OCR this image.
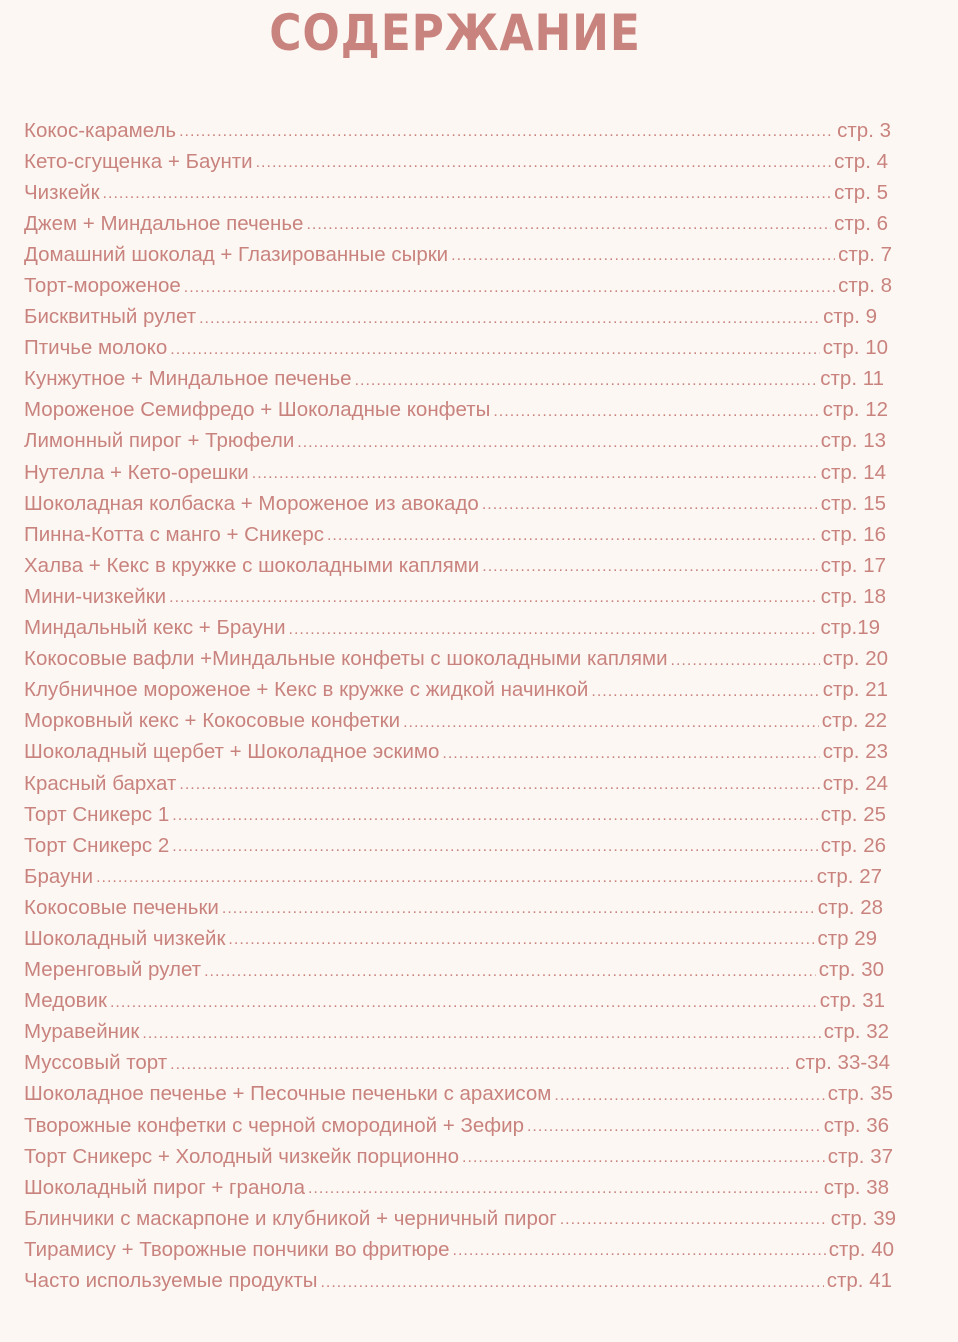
СОДЕРЖАНИЕ
Кокос-карамель .....	стр. 3
Кето-сгущенка + Баунти .....	стр. 4
Чизкейк .....	стр. 5
Джем + Миндальное печенье .....	стр. 6
Домашний шоколад + Глазированные сырки .....	стр. 7
Торт-мороженое .....	стр. 8
Бисквитный рулет .....	стр. 9
Птичье молоко .....	стр. 10
Кунжутное + Миндальное печенье .....	стр. 11
Мороженое Семифредо + Шоколадные конфеты .....	стр. 12
Лимонный пирог + Трюфели .....	стр. 13
Нутелла + Кето-орешки .....	стр. 14
Шоколадная колбаска + Мороженое из авокадо .....	стр. 15
Пинна-Котта с манго + Сникерс .....	стр. 16
Халва + Кекс в кружке с шоколадными каплями .....	стр. 17
Мини-чизкейки .....	стр. 18
Миндальный кекс + Брауни .....	стр.19
Кокосовые вафли +Миндальные конфеты с шоколадными каплями .....	стр. 20
Клубничное мороженое + Кекс в кружке с жидкой начинкой .....	стр. 21
Морковный кекс + Кокосовые конфетки .....	стр. 22
Шоколадный щербет + Шоколадное эскимо .....	стр. 23
Красный бархат .....	стр. 24
Торт Сникерс 1 .....	стр. 25
Торт Сникерс 2 .....	стр. 26
Брауни .....	стр. 27
Кокосовые печеньки .....	стр. 28
Шоколадный чизкейк .....	стр 29
Меренговый рулет .....	стр. 30
Медовик .....	стр. 31
Муравейник .....	стр. 32
Муссовый торт .....	стр. 33-34
Шоколадное печенье + Песочные печеньки с арахисом .....	стр. 35
Творожные конфетки с черной смородиной + Зефир .....	стр. 36
Торт Сникерс + Холодный чизкейк порционно .....	стр. 37
Шоколадный пирог + гранола .....	стр. 38
Блинчики с маскарпоне и клубникой + черничный пирог .....	стр. 39
Тирамису + Творожные пончики во фритюре .....	стр. 40
Часто используемые продукты .....	стр. 41
